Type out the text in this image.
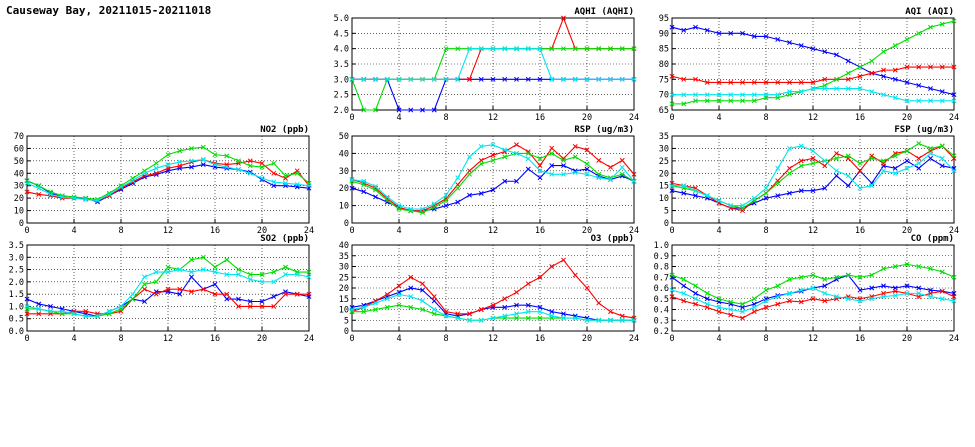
Causeway Bay, 20211015-20211018	AQHI (AQHI)
2.0
2.5
3.0
3.5
4.0
4.5
5.0
0	4	8	12	16	20	24
AQI (AQI)
65
70
75
80
85
90
95
0	4	8	12	16	20	24
NO2 (ppb)
0
10
20
30
40
50
60
70
0	4	8	12	16	20	24
RSP (ug/m3)
0
10
20
30
40
50
0	4	8	12	16	20	24
FSP (ug/m3)
0
5
10
15
20
25
30
35
0	4	8	12	16	20	24
SO2 (ppb)
0.0
0.5
1.0
1.5
2.0
2.5
3.0
3.5
0	4	8	12	16	20	24
O3 (ppb)
0
5
10
15
20
25
30
35
40
0	4	8	12	16	20	24
CO (ppm)
0.2
0.3
0.4
0.5
0.6
0.7
0.8
0.9
1.0
0	4	8	12	16	20	24
